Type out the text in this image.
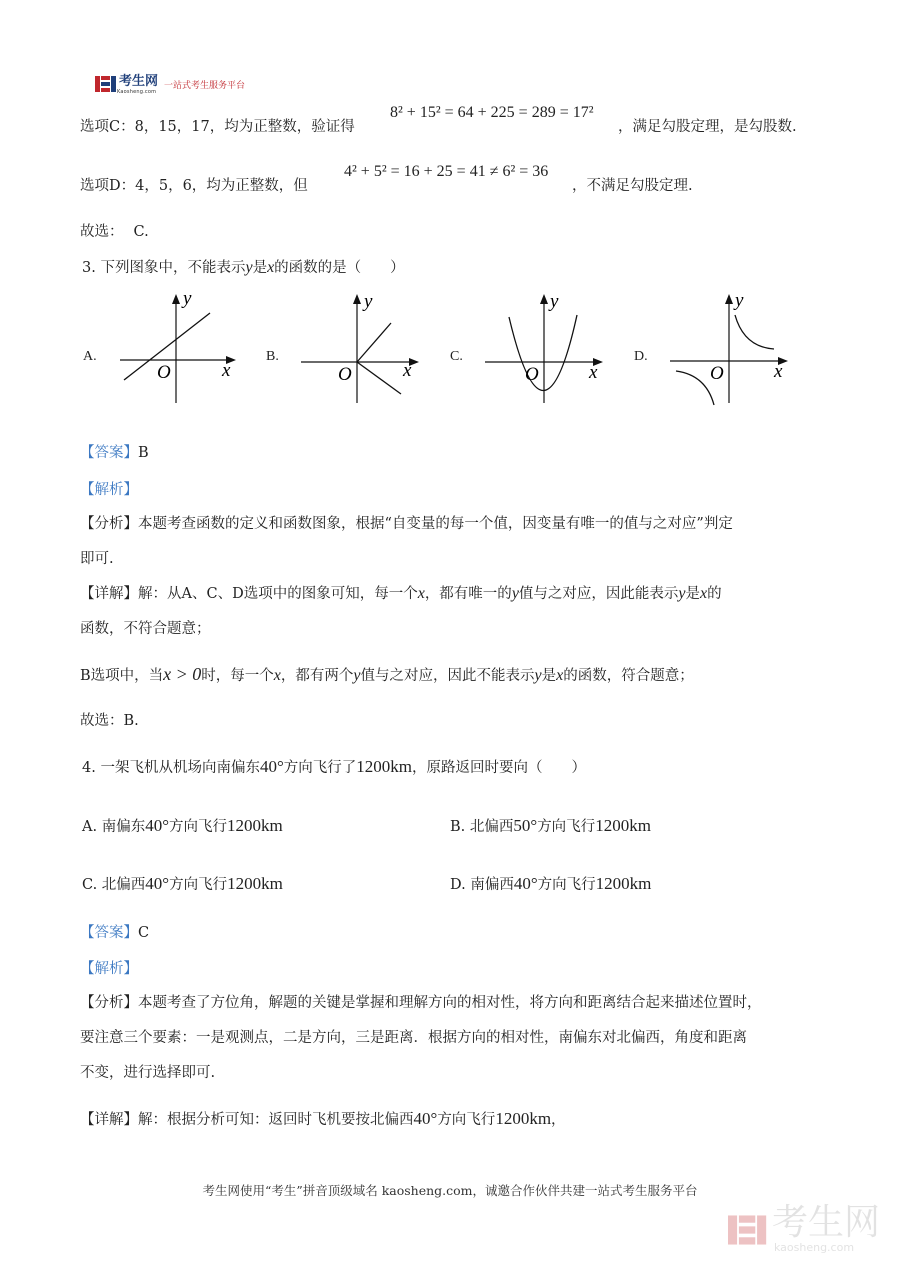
考生网
Kaosheng.com
一站式考生服务平台
选项C：8，15，17，均为正整数，验证得
8² + 15² = 64 + 225 = 289 = 17²
，满足勾股定理，是勾股数.
选项D：4，5，6，均为正整数，但
4² + 5² = 16 + 25 = 41 ≠ 6² = 36
，不满足勾股定理.
故选： C.
3. 下列图象中，不能表示y是x的函数的是（　　）
A.
x
y
O
B.
x
y
O
C.
x
y
O
D.
x
y
O
【答案】B
【解析】
【分析】本题考查函数的定义和函数图象，根据“自变量的每一个值，因变量有唯一的值与之对应”判定
即可.
【详解】解：从A、C、D选项中的图象可知，每一个x，都有唯一的y值与之对应，因此能表示y是x的
函数，不符合题意；
B选项中，当x > 0时，每一个x，都有两个y值与之对应，因此不能表示y是x的函数，符合题意；
故选：B.
4. 一架飞机从机场向南偏东40°方向飞行了1200km，原路返回时要向（　　）
A. 南偏东40°方向飞行1200km	B. 北偏西50°方向飞行1200km
C. 北偏西40°方向飞行1200km	D. 南偏西40°方向飞行1200km
【答案】C
【解析】
【分析】本题考查了方位角，解题的关键是掌握和理解方向的相对性，将方向和距离结合起来描述位置时，
要注意三个要素：一是观测点，二是方向，三是距离．根据方向的相对性，南偏东对北偏西，角度和距离
不变，进行选择即可.
【详解】解：根据分析可知：返回时飞机要按北偏西40°方向飞行1200km，
考生网使用“考生”拼音顶级域名 kaosheng.com，诚邀合作伙伴共建一站式考生服务平台
考生网
kaosheng.com
